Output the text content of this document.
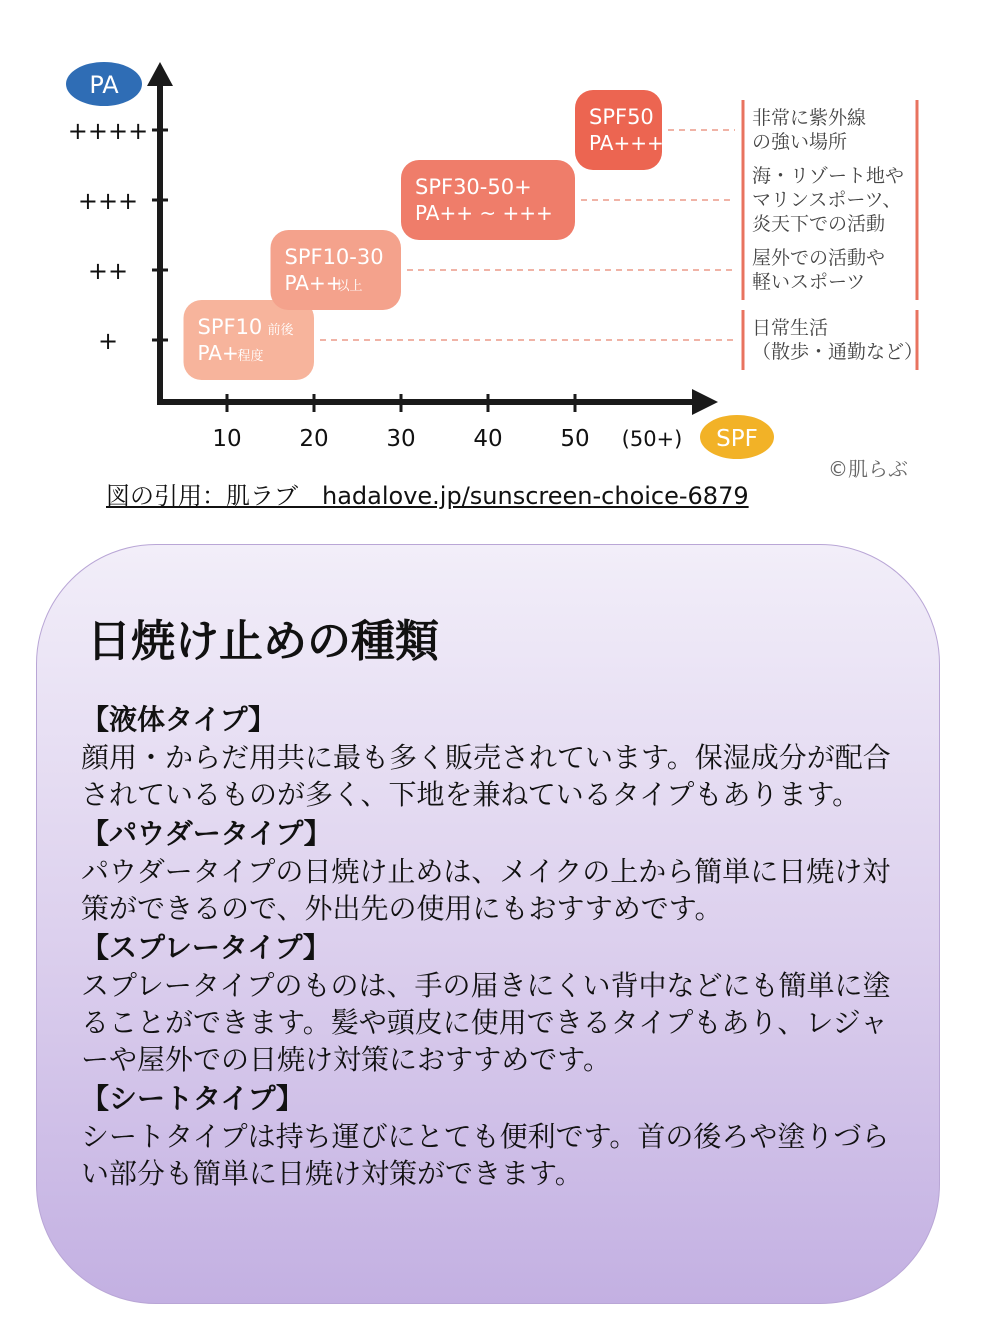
PA
SPF
+
++
+++
++++
10	20	30	40	50 (50+)
SPF10 前後
PA+
程度
SPF10-30
PA++
以上
SPF30-50+
PA++ ~ +++
SPF50
PA++++
非常に紫外線
の強い場所
海・リゾート地や
マリンスポーツ、
炎天下での活動
屋外での活動や
軽いスポーツ
日常生活
（散歩・通勤など）
©肌らぶ
図の引用：肌ラブ　hadalove.jp/sunscreen-choice-6879
日焼け止めの種類
【液体タイプ】
顔用・からだ用共に最も多く販売されています。保湿成分が配合されているものが多く、下地を兼ねているタイプもあります。
【パウダータイプ】
パウダータイプの日焼け止めは、メイクの上から簡単に日焼け対策ができるので、外出先の使用にもおすすめです。
【スプレータイプ】
スプレータイプのものは、手の届きにくい背中などにも簡単に塗ることができます。髪や頭皮に使用できるタイプもあり、レジャーや屋外での日焼け対策におすすめです。
【シートタイプ】
シートタイプは持ち運びにとても便利です。首の後ろや塗りづらい部分も簡単に日焼け対策ができます。
